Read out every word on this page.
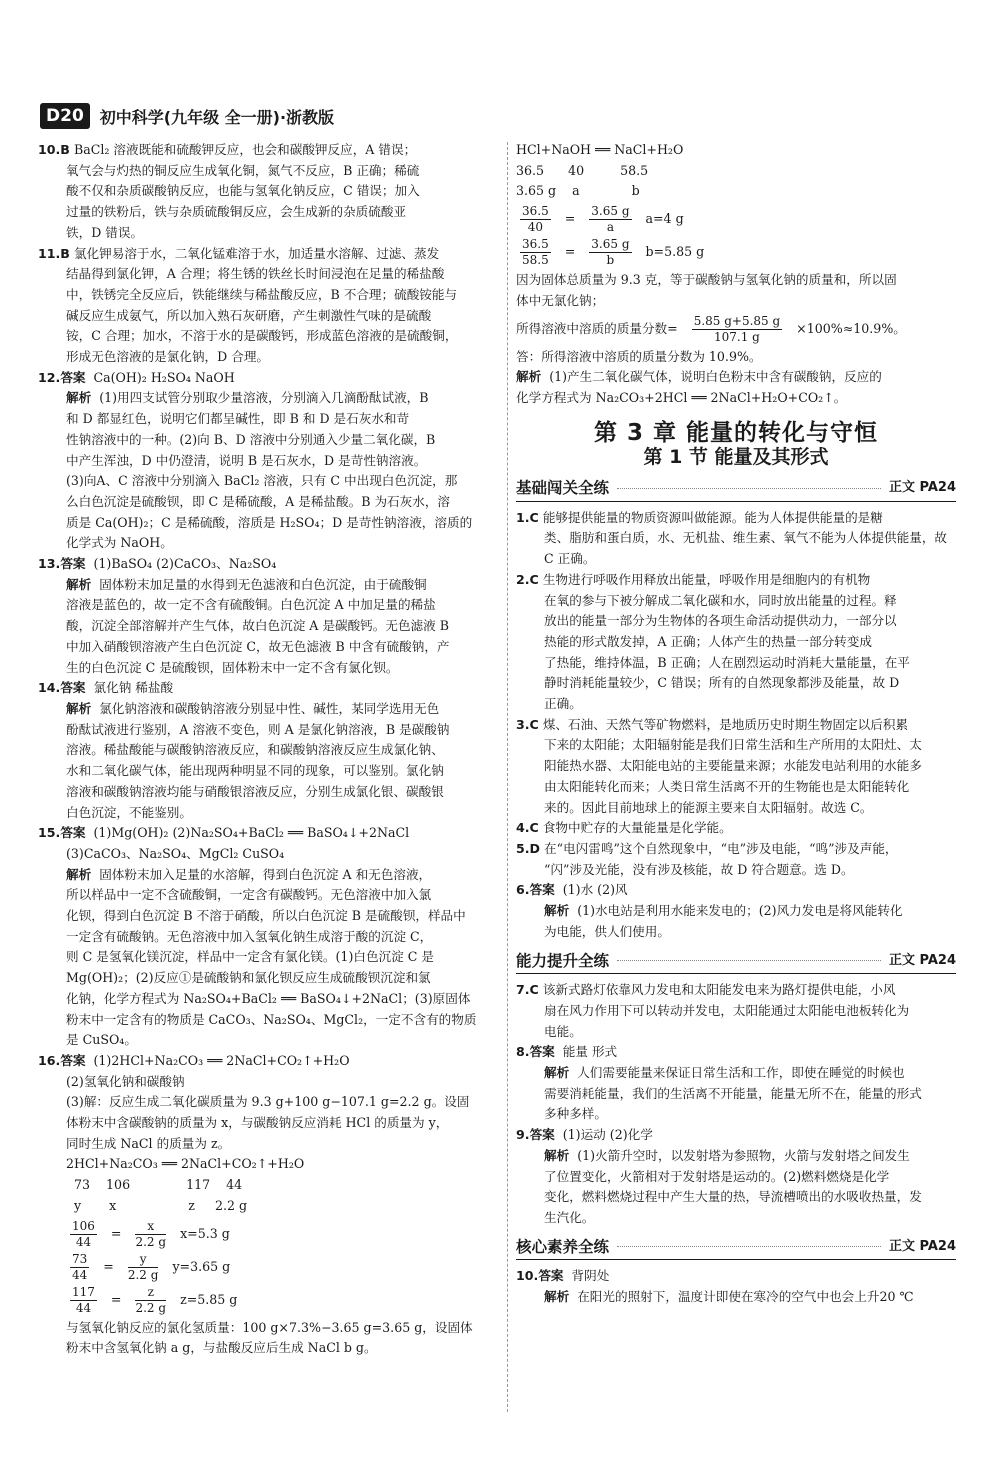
D20	初中科学(九年级 全一册)·浙教版
10.B BaCl₂ 溶液既能和硫酸钾反应，也会和碳酸钾反应，A 错误；
氧气会与灼热的铜反应生成氧化铜，氮气不反应，B 正确；稀硫
酸不仅和杂质碳酸钠反应，也能与氢氧化钠反应，C 错误；加入
过量的铁粉后，铁与杂质硫酸铜反应，会生成新的杂质硫酸亚
铁，D 错误。
11.B 氯化钾易溶于水，二氧化锰难溶于水，加适量水溶解、过滤、蒸发
结晶得到氯化钾，A 合理；将生锈的铁丝长时间浸泡在足量的稀盐酸
中，铁锈完全反应后，铁能继续与稀盐酸反应，B 不合理；硫酸铵能与
碱反应生成氨气，所以加入熟石灰研磨，产生刺激性气味的是硫酸
铵，C 合理；加水，不溶于水的是碳酸钙，形成蓝色溶液的是硫酸铜，
形成无色溶液的是氯化钠，D 合理。
12.答案 Ca(OH)₂ H₂SO₄ NaOH
解析 (1)用四支试管分别取少量溶液，分别滴入几滴酚酞试液，B
和 D 都显红色，说明它们都呈碱性，即 B 和 D 是石灰水和苛
性钠溶液中的一种。(2)向 B、D 溶液中分别通入少量二氧化碳，B
中产生浑浊，D 中仍澄清，说明 B 是石灰水，D 是苛性钠溶液。
(3)向A、C 溶液中分别滴入 BaCl₂ 溶液，只有 C 中出现白色沉淀，那
么白色沉淀是硫酸钡，即 C 是稀硫酸，A 是稀盐酸。B 为石灰水，溶
质是 Ca(OH)₂；C 是稀硫酸，溶质是 H₂SO₄；D 是苛性钠溶液，溶质的
化学式为 NaOH。
13.答案 (1)BaSO₄ (2)CaCO₃、Na₂SO₄
解析 固体粉末加足量的水得到无色滤液和白色沉淀，由于硫酸铜
溶液是蓝色的，故一定不含有硫酸铜。白色沉淀 A 中加足量的稀盐
酸，沉淀全部溶解并产生气体，故白色沉淀 A 是碳酸钙。无色滤液 B
中加入硝酸钡溶液产生白色沉淀 C，故无色滤液 B 中含有硫酸钠，产
生的白色沉淀 C 是硫酸钡，固体粉末中一定不含有氯化钡。
14.答案 氯化钠 稀盐酸
解析 氯化钠溶液和碳酸钠溶液分别显中性、碱性，某同学选用无色
酚酞试液进行鉴别，A 溶液不变色，则 A 是氯化钠溶液，B 是碳酸钠
溶液。稀盐酸能与碳酸钠溶液反应，和碳酸钠溶液反应生成氯化钠、
水和二氧化碳气体，能出现两种明显不同的现象，可以鉴别。氯化钠
溶液和碳酸钠溶液均能与硝酸银溶液反应，分别生成氯化银、碳酸银
白色沉淀，不能鉴别。
15.答案 (1)Mg(OH)₂ (2)Na₂SO₄+BaCl₂ ══ BaSO₄↓+2NaCl
(3)CaCO₃、Na₂SO₄、MgCl₂ CuSO₄
解析 固体粉末加入足量的水溶解，得到白色沉淀 A 和无色溶液，
所以样品中一定不含硫酸铜，一定含有碳酸钙。无色溶液中加入氯
化钡，得到白色沉淀 B 不溶于硝酸，所以白色沉淀 B 是硫酸钡，样品中
一定含有硫酸钠。无色溶液中加入氢氧化钠生成溶于酸的沉淀 C，
则 C 是氢氧化镁沉淀，样品中一定含有氯化镁。(1)白色沉淀 C 是
Mg(OH)₂；(2)反应①是硫酸钠和氯化钡反应生成硫酸钡沉淀和氯
化钠，化学方程式为 Na₂SO₄+BaCl₂ ══ BaSO₄↓+2NaCl；(3)原固体
粉末中一定含有的物质是 CaCO₃、Na₂SO₄、MgCl₂，一定不含有的物质
是 CuSO₄。
16.答案 (1)2HCl+Na₂CO₃ ══ 2NaCl+CO₂↑+H₂O
(2)氢氧化钠和碳酸钠
(3)解：反应生成二氧化碳质量为 9.3 g+100 g−107.1 g=2.2 g。设固
体粉末中含碳酸钠的质量为 x，与碳酸钠反应消耗 HCl 的质量为 y，
同时生成 NaCl 的质量为 z。
2HCl+Na₂CO₃ ══ 2NaCl+CO₂↑+H₂O
73    106              117    44
y       x                  z     2.2 g
$\frac{106}{44} = \frac{x}{2.2 g} x=5.3$ g
$\frac{73}{44} = \frac{y}{2.2 g} y=3.65$ g
$\frac{117}{44} = \frac{z}{2.2 g} z=5.85$ g
与氢氧化钠反应的氯化氢质量：100 g×7.3%−3.65 g=3.65 g，设固体
粉末中含氢氧化钠 a g，与盐酸反应后生成 NaCl b g。
HCl+NaOH ══ NaCl+H₂O
36.5      40         58.5
3.65 g    a             b
$\frac{36.5}{40} = \frac{3.65 g}{a} a=4$ g
$\frac{36.5}{58.5} = \frac{3.65 g}{b} b=5.85$ g
因为固体总质量为 9.3 克，等于碳酸钠与氢氧化钠的质量和，所以固
体中无氯化钠；
所得溶液中溶质的质量分数= $\frac{5.85 g+5.85 g}{107.1 g} \times 100\%\approx 10.9\%$。
答：所得溶液中溶质的质量分数为 10.9%。
解析 (1)产生二氧化碳气体，说明白色粉末中含有碳酸钠，反应的
化学方程式为 Na₂CO₃+2HCl ══ 2NaCl+H₂O+CO₂↑。
第 3 章 能量的转化与守恒
第 1 节 能量及其形式
基础闯关全练	正文 PA24
1.C 能够提供能量的物质资源叫做能源。能为人体提供能量的是糖
类、脂肪和蛋白质，水、无机盐、维生素、氧气不能为人体提供能量，故
C 正确。
2.C 生物进行呼吸作用释放出能量，呼吸作用是细胞内的有机物
在氧的参与下被分解成二氧化碳和水，同时放出能量的过程。释
放出的能量一部分为生物体的各项生命活动提供动力，一部分以
热能的形式散发掉，A 正确；人体产生的热量一部分转变成
了热能，维持体温，B 正确；人在剧烈运动时消耗大量能量，在平
静时消耗能量较少，C 错误；所有的自然现象都涉及能量，故 D
正确。
3.C 煤、石油、天然气等矿物燃料，是地质历史时期生物固定以后积累
下来的太阳能；太阳辐射能是我们日常生活和生产所用的太阳灶、太
阳能热水器、太阳能电站的主要能量来源；水能发电站利用的水能多
由太阳能转化而来；人类日常生活离不开的生物能也是太阳能转化
来的。因此目前地球上的能源主要来自太阳辐射。故选 C。
4.C 食物中贮存的大量能量是化学能。
5.D 在“电闪雷鸣”这个自然现象中，“电”涉及电能，“鸣”涉及声能，
“闪”涉及光能，没有涉及核能，故 D 符合题意。选 D。
6.答案 (1)水 (2)风
解析 (1)水电站是利用水能来发电的；(2)风力发电是将风能转化
为电能，供人们使用。
能力提升全练	正文 PA24
7.C 该新式路灯依靠风力发电和太阳能发电来为路灯提供电能，小风
扇在风力作用下可以转动并发电，太阳能通过太阳能电池板转化为
电能。
8.答案 能量 形式
解析 人们需要能量来保证日常生活和工作，即使在睡觉的时候也
需要消耗能量，我们的生活离不开能量，能量无所不在，能量的形式
多种多样。
9.答案 (1)运动 (2)化学
解析 (1)火箭升空时，以发射塔为参照物，火箭与发射塔之间发生
了位置变化，火箭相对于发射塔是运动的。(2)燃料燃烧是化学
变化，燃料燃烧过程中产生大量的热，导流槽喷出的水吸收热量，发
生汽化。
核心素养全练	正文 PA24
10.答案 背阴处
解析 在阳光的照射下，温度计即使在寒冷的空气中也会上升20 ℃
